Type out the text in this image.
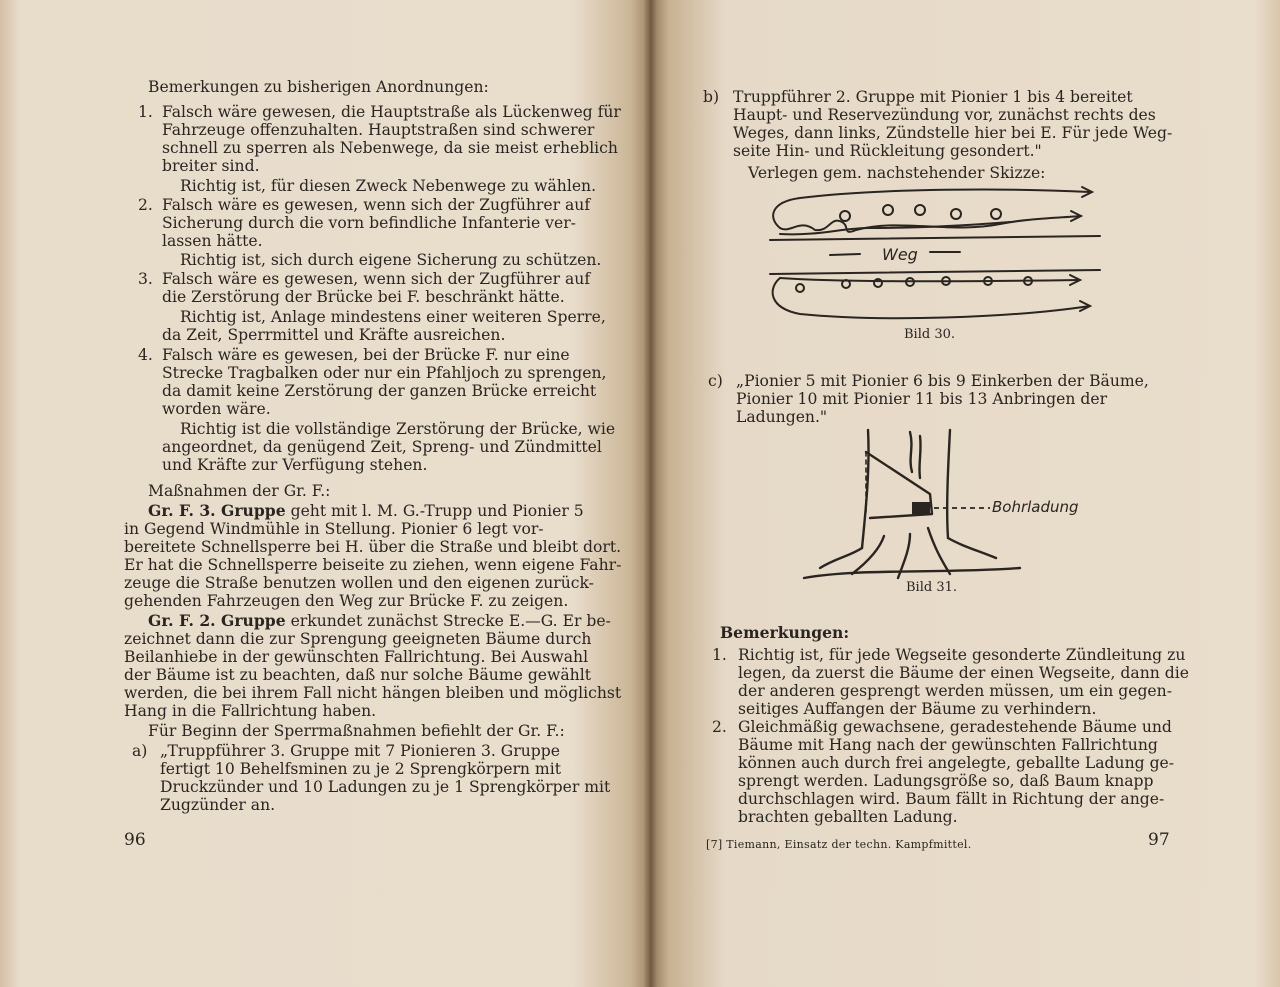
Bemerkungen zu bisherigen Anordnungen:
1. Falsch wäre gewesen, die Hauptstraße als Lückenweg für
Fahrzeuge offenzuhalten. Hauptstraßen sind schwerer
schnell zu sperren als Nebenwege, da sie meist erheblich
breiter sind.
Richtig ist, für diesen Zweck Nebenwege zu wählen.
2. Falsch wäre es gewesen, wenn sich der Zugführer auf
Sicherung durch die vorn befindliche Infanterie ver-
lassen hätte.
Richtig ist, sich durch eigene Sicherung zu schützen.
3. Falsch wäre es gewesen, wenn sich der Zugführer auf
die Zerstörung der Brücke bei F. beschränkt hätte.
Richtig ist, Anlage mindestens einer weiteren Sperre,
da Zeit, Sperrmittel und Kräfte ausreichen.
4. Falsch wäre es gewesen, bei der Brücke F. nur eine
Strecke Tragbalken oder nur ein Pfahljoch zu sprengen,
da damit keine Zerstörung der ganzen Brücke erreicht
worden wäre.
Richtig ist die vollständige Zerstörung der Brücke, wie
angeordnet, da genügend Zeit, Spreng- und Zündmittel
und Kräfte zur Verfügung stehen.
Maßnahmen der Gr. F.:
Gr. F. 3. Gruppe geht mit l. M. G.-Trupp und Pionier 5
in Gegend Windmühle in Stellung. Pionier 6 legt vor-
bereitete Schnellsperre bei H. über die Straße und bleibt dort.
Er hat die Schnellsperre beiseite zu ziehen, wenn eigene Fahr-
zeuge die Straße benutzen wollen und den eigenen zurück-
gehenden Fahrzeugen den Weg zur Brücke F. zu zeigen.
Gr. F. 2. Gruppe erkundet zunächst Strecke E.—G. Er be-
zeichnet dann die zur Sprengung geeigneten Bäume durch
Beilanhiebe in der gewünschten Fallrichtung. Bei Auswahl
der Bäume ist zu beachten, daß nur solche Bäume gewählt
werden, die bei ihrem Fall nicht hängen bleiben und möglichst
Hang in die Fallrichtung haben.
Für Beginn der Sperrmaßnahmen befiehlt der Gr. F.:
a) „Truppführer 3. Gruppe mit 7 Pionieren 3. Gruppe
fertigt 10 Behelfsminen zu je 2 Sprengkörpern mit
Druckzünder und 10 Ladungen zu je 1 Sprengkörper mit
Zugzünder an.
96
b) Truppführer 2. Gruppe mit Pionier 1 bis 4 bereitet
Haupt- und Reservezündung vor, zunächst rechts des
Weges, dann links, Zündstelle hier bei E. Für jede Weg-
seite Hin- und Rückleitung gesondert."
Verlegen gem. nachstehender Skizze:
Weg
Bild 30.
c) „Pionier 5 mit Pionier 6 bis 9 Einkerben der Bäume,
Pionier 10 mit Pionier 11 bis 13 Anbringen der
Ladungen."
Bohrladung
Bild 31.
Bemerkungen:
1. Richtig ist, für jede Wegseite gesonderte Zündleitung zu
legen, da zuerst die Bäume der einen Wegseite, dann die
der anderen gesprengt werden müssen, um ein gegen-
seitiges Auffangen der Bäume zu verhindern.
2. Gleichmäßig gewachsene, geradestehende Bäume und
Bäume mit Hang nach der gewünschten Fallrichtung
können auch durch frei angelegte, geballte Ladung ge-
sprengt werden. Ladungsgröße so, daß Baum knapp
durchschlagen wird. Baum fällt in Richtung der ange-
brachten geballten Ladung.
[7] Tiemann, Einsatz der techn. Kampfmittel.	97
